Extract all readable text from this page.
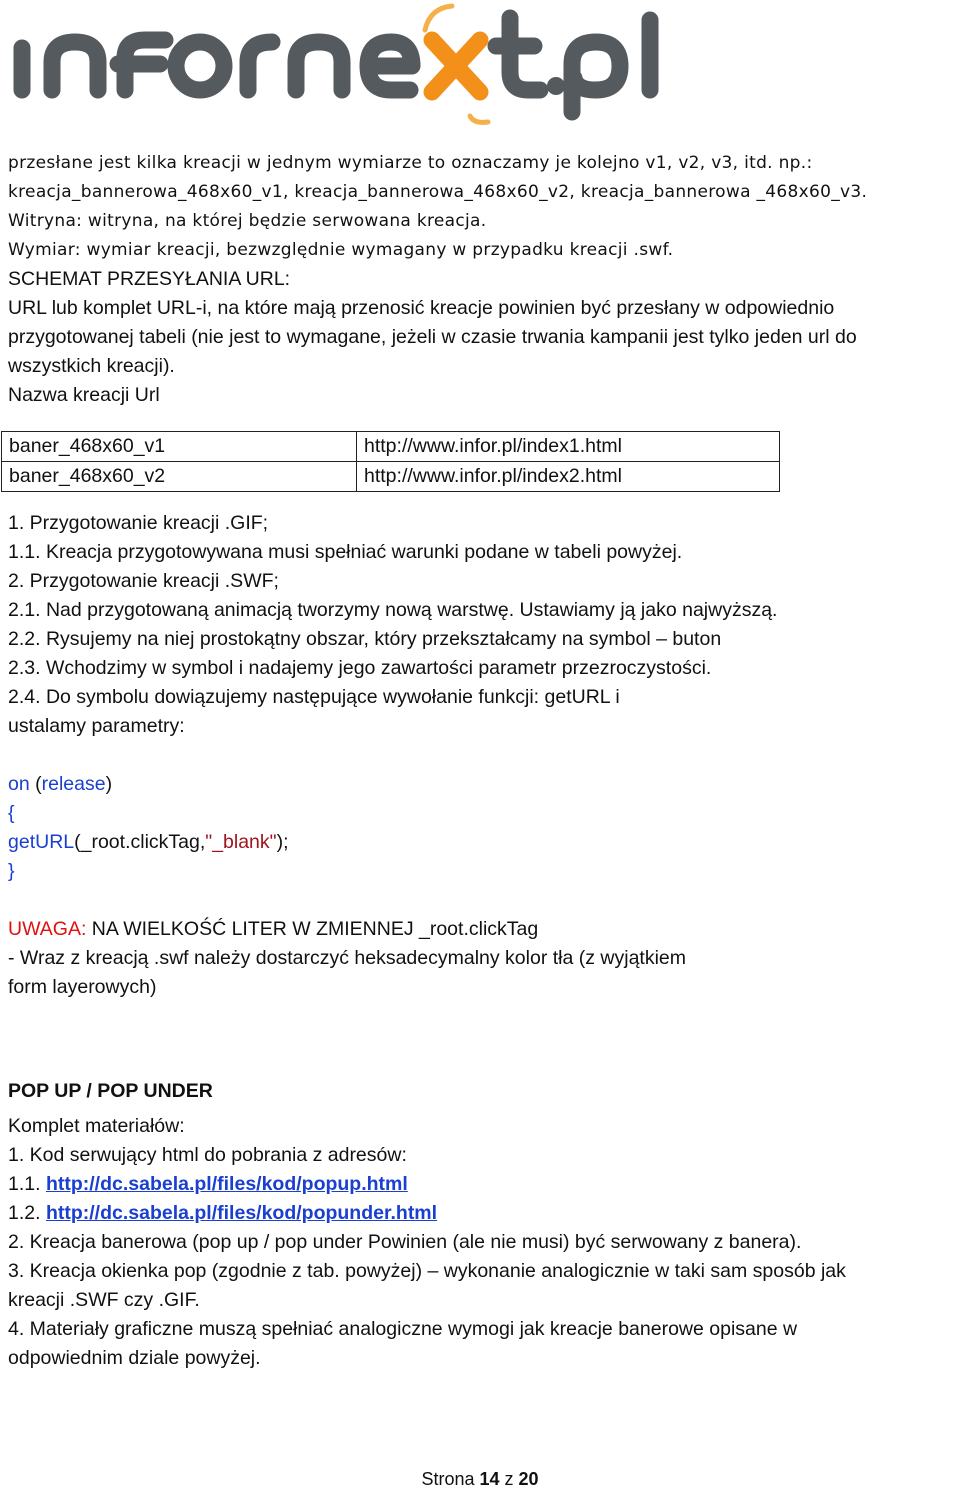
przesłane jest kilka kreacji w jednym wymiarze to oznaczamy je kolejno v1, v2, v3, itd. np.:
kreacja_bannerowa_468x60_v1, kreacja_bannerowa_468x60_v2, kreacja_bannerowa _468x60_v3.
Witryna: witryna, na której będzie serwowana kreacja.
Wymiar: wymiar kreacji, bezwzględnie wymagany w przypadku kreacji .swf.
SCHEMAT PRZESYŁANIA URL:
URL lub komplet URL-i, na które mają przenosić kreacje powinien być przesłany w odpowiednio
przygotowanej tabeli (nie jest to wymagane, jeżeli w czasie trwania kampanii jest tylko jeden url do
wszystkich kreacji).
Nazwa kreacji Url
baner_468x60_v1	http://www.infor.pl/index1.html
baner_468x60_v2	http://www.infor.pl/index2.html
1. Przygotowanie kreacji .GIF;
1.1. Kreacja przygotowywana musi spełniać warunki podane w tabeli powyżej.
2. Przygotowanie kreacji .SWF;
2.1. Nad przygotowaną animacją tworzymy nową warstwę. Ustawiamy ją jako najwyższą.
2.2. Rysujemy na niej prostokątny obszar, który przekształcamy na symbol – buton
2.3. Wchodzimy w symbol i nadajemy jego zawartości parametr przezroczystości.
2.4. Do symbolu dowiązujemy następujące wywołanie funkcji: getURL i
ustalamy parametry:
on (release)
{
getURL(_root.clickTag,"_blank");
}
UWAGA: NA WIELKOŚĆ LITER W ZMIENNEJ _root.clickTag
- Wraz z kreacją .swf należy dostarczyć heksadecymalny kolor tła (z wyjątkiem
form layerowych)
POP UP / POP UNDER
Komplet materiałów:
1. Kod serwujący html do pobrania z adresów:
1.1. http://dc.sabela.pl/files/kod/popup.html
1.2. http://dc.sabela.pl/files/kod/popunder.html
2. Kreacja banerowa (pop up / pop under Powinien (ale nie musi) być serwowany z banera).
3. Kreacja okienka pop (zgodnie z tab. powyżej) – wykonanie analogicznie w taki sam sposób jak
kreacji .SWF czy .GIF.
4. Materiały graficzne muszą spełniać analogiczne wymogi jak kreacje banerowe opisane w
odpowiednim dziale powyżej.
Strona 14 z 20
